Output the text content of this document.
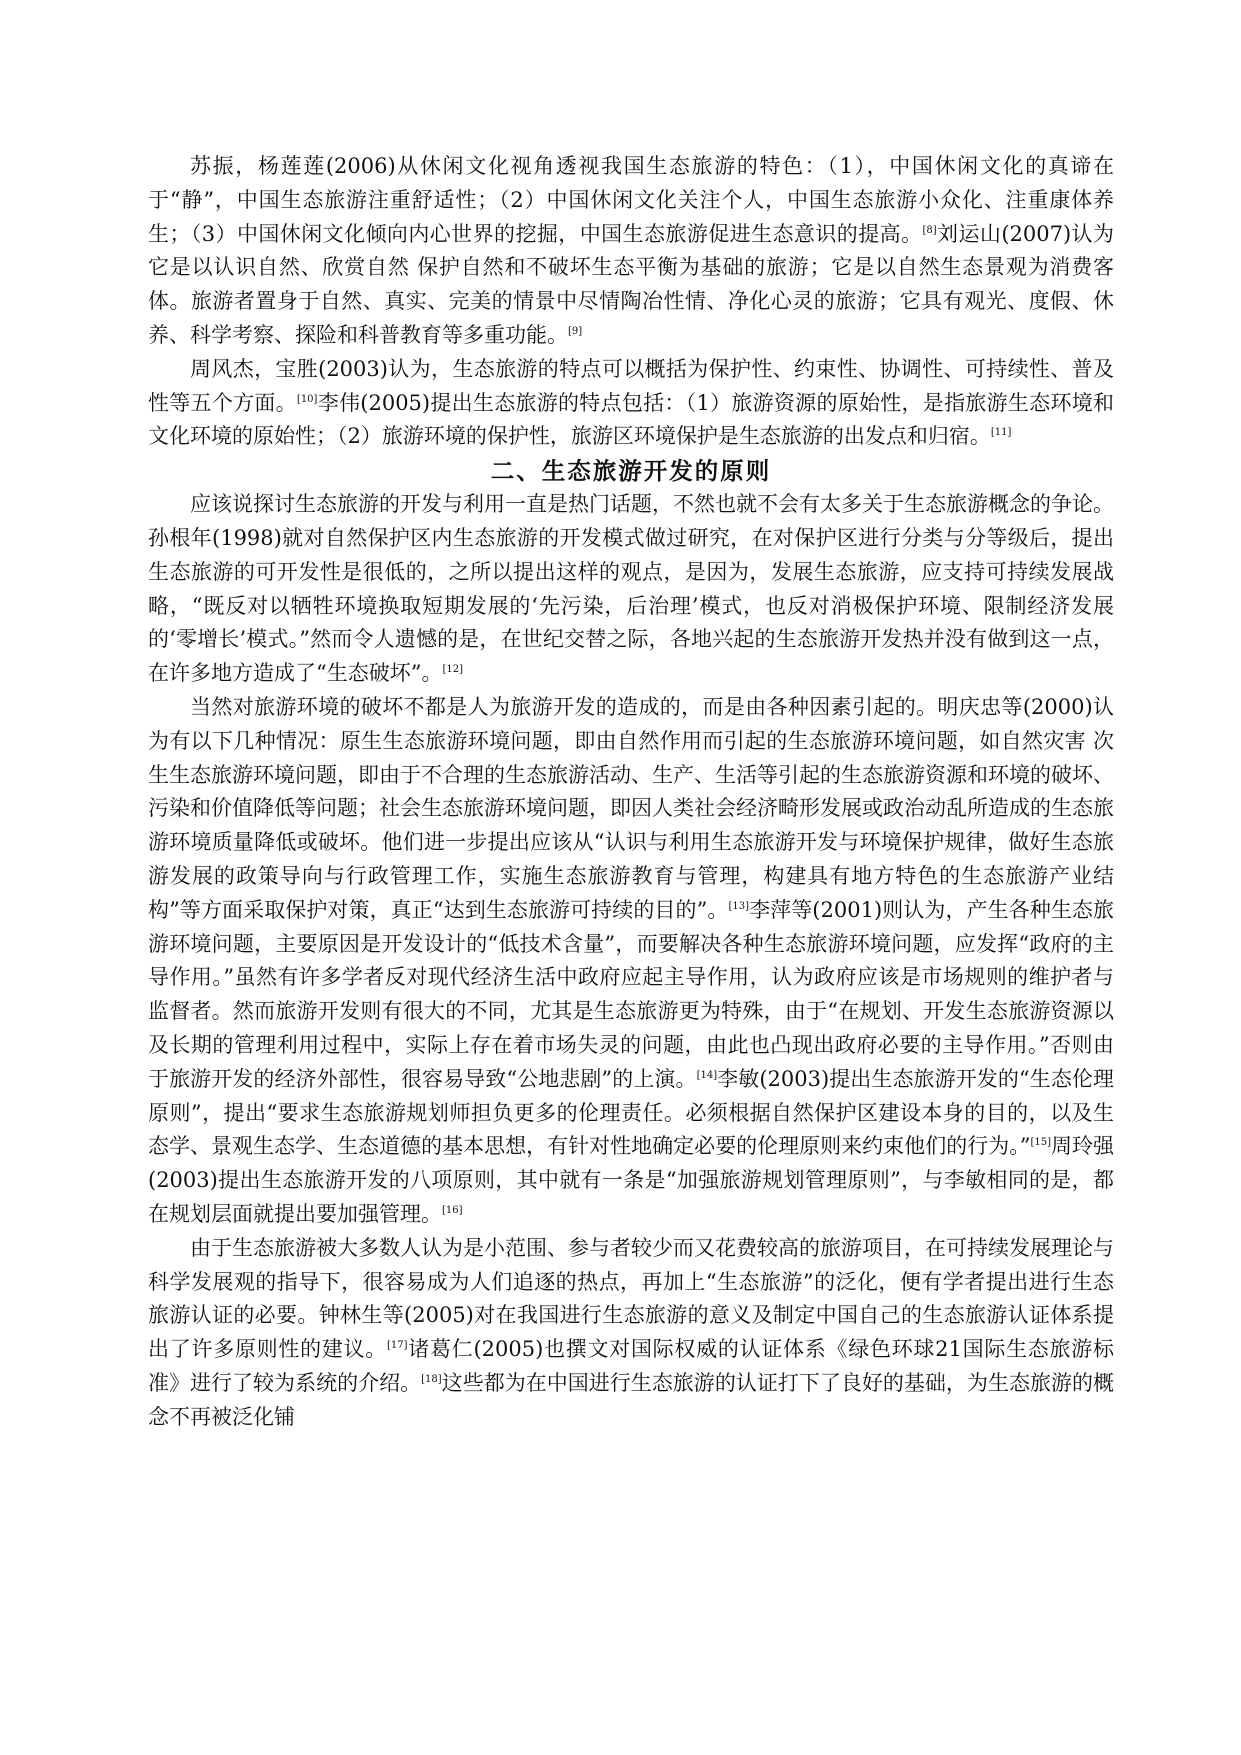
苏振，杨莲莲(2006)从休闲文化视角透视我国生态旅游的特色：（1），中国休闲文化的真谛在于“静”，中国生态旅游注重舒适性；（2）中国休闲文化关注个人，中国生态旅游小众化、注重康体养生；（3）中国休闲文化倾向内心世界的挖掘，中国生态旅游促进生态意识的提高。[8]刘运山(2007)认为它是以认识自然、欣赏自然 保护自然和不破坏生态平衡为基础的旅游；它是以自然生态景观为消费客体。旅游者置身于自然、真实、完美的情景中尽情陶冶性情、净化心灵的旅游；它具有观光、度假、休养、科学考察、探险和科普教育等多重功能。[9]

周风杰，宝胜(2003)认为，生态旅游的特点可以概括为保护性、约束性、协调性、可持续性、普及性等五个方面。[10]李伟(2005)提出生态旅游的特点包括：（1）旅游资源的原始性，是指旅游生态环境和文化环境的原始性；（2）旅游环境的保护性，旅游区环境保护是生态旅游的出发点和归宿。[11]

二、生态旅游开发的原则

应该说探讨生态旅游的开发与利用一直是热门话题，不然也就不会有太多关于生态旅游概念的争论。孙根年(1998)就对自然保护区内生态旅游的开发模式做过研究，在对保护区进行分类与分等级后，提出生态旅游的可开发性是很低的，之所以提出这样的观点，是因为，发展生态旅游，应支持可持续发展战略，“既反对以牺牲环境换取短期发展的‘先污染，后治理’模式，也反对消极保护环境、限制经济发展的‘零增长’模式。”然而令人遗憾的是，在世纪交替之际，各地兴起的生态旅游开发热并没有做到这一点，在许多地方造成了“生态破坏”。[12]

当然对旅游环境的破坏不都是人为旅游开发的造成的，而是由各种因素引起的。明庆忠等(2000)认为有以下几种情况：原生生态旅游环境问题，即由自然作用而引起的生态旅游环境问题，如自然灾害 次生生态旅游环境问题，即由于不合理的生态旅游活动、生产、生活等引起的生态旅游资源和环境的破坏、污染和价值降低等问题；社会生态旅游环境问题，即因人类社会经济畸形发展或政治动乱所造成的生态旅游环境质量降低或破坏。他们进一步提出应该从“认识与利用生态旅游开发与环境保护规律，做好生态旅游发展的政策导向与行政管理工作，实施生态旅游教育与管理，构建具有地方特色的生态旅游产业结构”等方面采取保护对策，真正“达到生态旅游可持续的目的”。[13]李萍等(2001)则认为，产生各种生态旅游环境问题，主要原因是开发设计的“低技术含量”，而要解决各种生态旅游环境问题，应发挥“政府的主导作用。”虽然有许多学者反对现代经济生活中政府应起主导作用，认为政府应该是市场规则的维护者与监督者。然而旅游开发则有很大的不同，尤其是生态旅游更为特殊，由于“在规划、开发生态旅游资源以及长期的管理利用过程中，实际上存在着市场失灵的问题，由此也凸现出政府必要的主导作用。”否则由于旅游开发的经济外部性，很容易导致“公地悲剧”的上演。[14]李敏(2003)提出生态旅游开发的“生态伦理原则”，提出“要求生态旅游规划师担负更多的伦理责任。必须根据自然保护区建设本身的目的，以及生态学、景观生态学、生态道德的基本思想，有针对性地确定必要的伦理原则来约束他们的行为。”[15]周玲强(2003)提出生态旅游开发的八项原则，其中就有一条是“加强旅游规划管理原则”，与李敏相同的是，都在规划层面就提出要加强管理。[16]

由于生态旅游被大多数人认为是小范围、参与者较少而又花费较高的旅游项目，在可持续发展理论与科学发展观的指导下，很容易成为人们追逐的热点，再加上“生态旅游”的泛化，便有学者提出进行生态旅游认证的必要。钟林生等(2005)对在我国进行生态旅游的意义及制定中国自己的生态旅游认证体系提出了许多原则性的建议。[17]诸葛仁(2005)也撰文对国际权威的认证体系《绿色环球21国际生态旅游标准》进行了较为系统的介绍。[18]这些都为在中国进行生态旅游的认证打下了良好的基础，为生态旅游的概念不再被泛化铺
